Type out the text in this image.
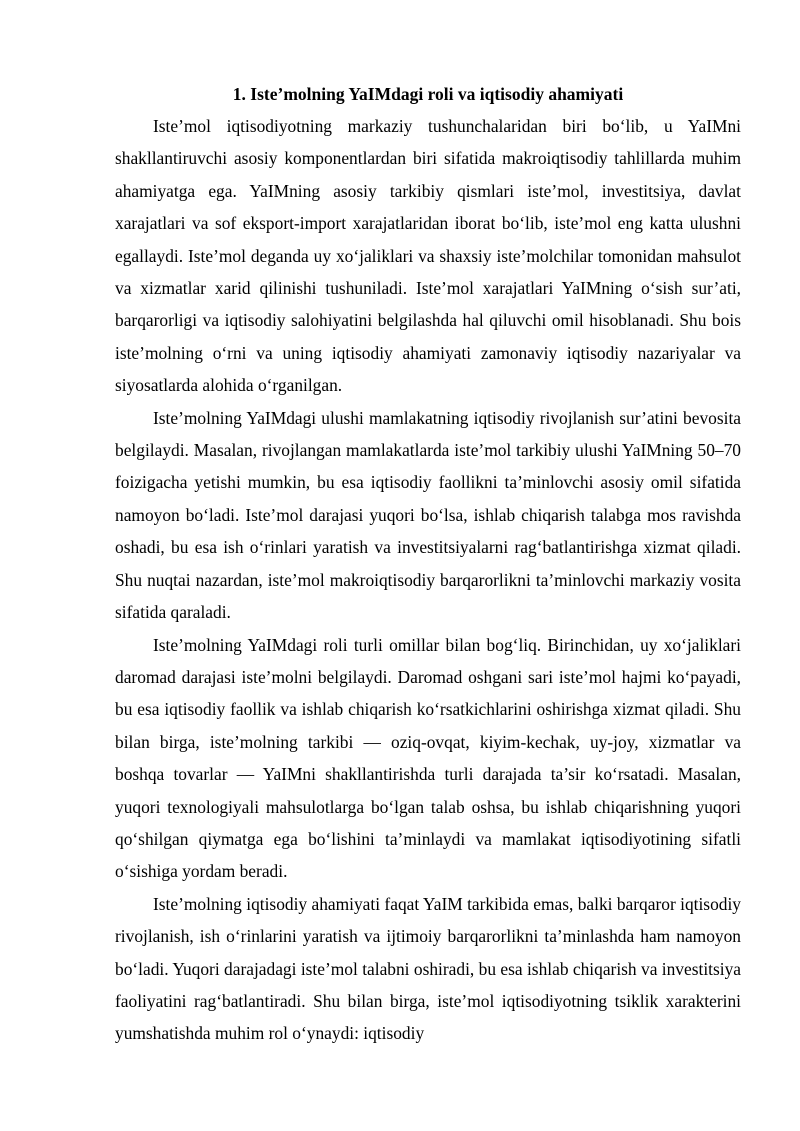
1. Iste’molning YaIMdagi roli va iqtisodiy ahamiyati

Iste’mol iqtisodiyotning markaziy tushunchalaridan biri bo‘lib, u YaIMni shakllantiruvchi asosiy komponentlardan biri sifatida makroiqtisodiy tahlillarda muhim ahamiyatga ega. YaIMning asosiy tarkibiy qismlari iste’mol, investitsiya, davlat xarajatlari va sof eksport-import xarajatlaridan iborat bo‘lib, iste’mol eng katta ulushni egallaydi. Iste’mol deganda uy xo‘jaliklari va shaxsiy iste’molchilar tomonidan mahsulot va xizmatlar xarid qilinishi tushuniladi. Iste’mol xarajatlari YaIMning o‘sish sur’ati, barqarorligi va iqtisodiy salohiyatini belgilashda hal qiluvchi omil hisoblanadi. Shu bois iste’molning o‘rni va uning iqtisodiy ahamiyati zamonaviy iqtisodiy nazariyalar va siyosatlarda alohida o‘rganilgan.

Iste’molning YaIMdagi ulushi mamlakatning iqtisodiy rivojlanish sur’atini bevosita belgilaydi. Masalan, rivojlangan mamlakatlarda iste’mol tarkibiy ulushi YaIMning 50–70 foizigacha yetishi mumkin, bu esa iqtisodiy faollikni ta’minlovchi asosiy omil sifatida namoyon bo‘ladi. Iste’mol darajasi yuqori bo‘lsa, ishlab chiqarish talabga mos ravishda oshadi, bu esa ish o‘rinlari yaratish va investitsiyalarni rag‘batlantirishga xizmat qiladi. Shu nuqtai nazardan, iste’mol makroiqtisodiy barqarorlikni ta’minlovchi markaziy vosita sifatida qaraladi.

Iste’molning YaIMdagi roli turli omillar bilan bog‘liq. Birinchidan, uy xo‘jaliklari daromad darajasi iste’molni belgilaydi. Daromad oshgani sari iste’mol hajmi ko‘payadi, bu esa iqtisodiy faollik va ishlab chiqarish ko‘rsatkichlarini oshirishga xizmat qiladi. Shu bilan birga, iste’molning tarkibi — oziq-ovqat, kiyim-kechak, uy-joy, xizmatlar va boshqa tovarlar — YaIMni shakllantirishda turli darajada ta’sir ko‘rsatadi. Masalan, yuqori texnologiyali mahsulotlarga bo‘lgan talab oshsa, bu ishlab chiqarishning yuqori qo‘shilgan qiymatga ega bo‘lishini ta’minlaydi va mamlakat iqtisodiyotining sifatli o‘sishiga yordam beradi.

Iste’molning iqtisodiy ahamiyati faqat YaIM tarkibida emas, balki barqaror iqtisodiy rivojlanish, ish o‘rinlarini yaratish va ijtimoiy barqarorlikni ta’minlashda ham namoyon bo‘ladi. Yuqori darajadagi iste’mol talabni oshiradi, bu esa ishlab chiqarish va investitsiya faoliyatini rag‘batlantiradi. Shu bilan birga, iste’mol iqtisodiyotning tsiklik xarakterini yumshatishda muhim rol o‘ynaydi: iqtisodiy
